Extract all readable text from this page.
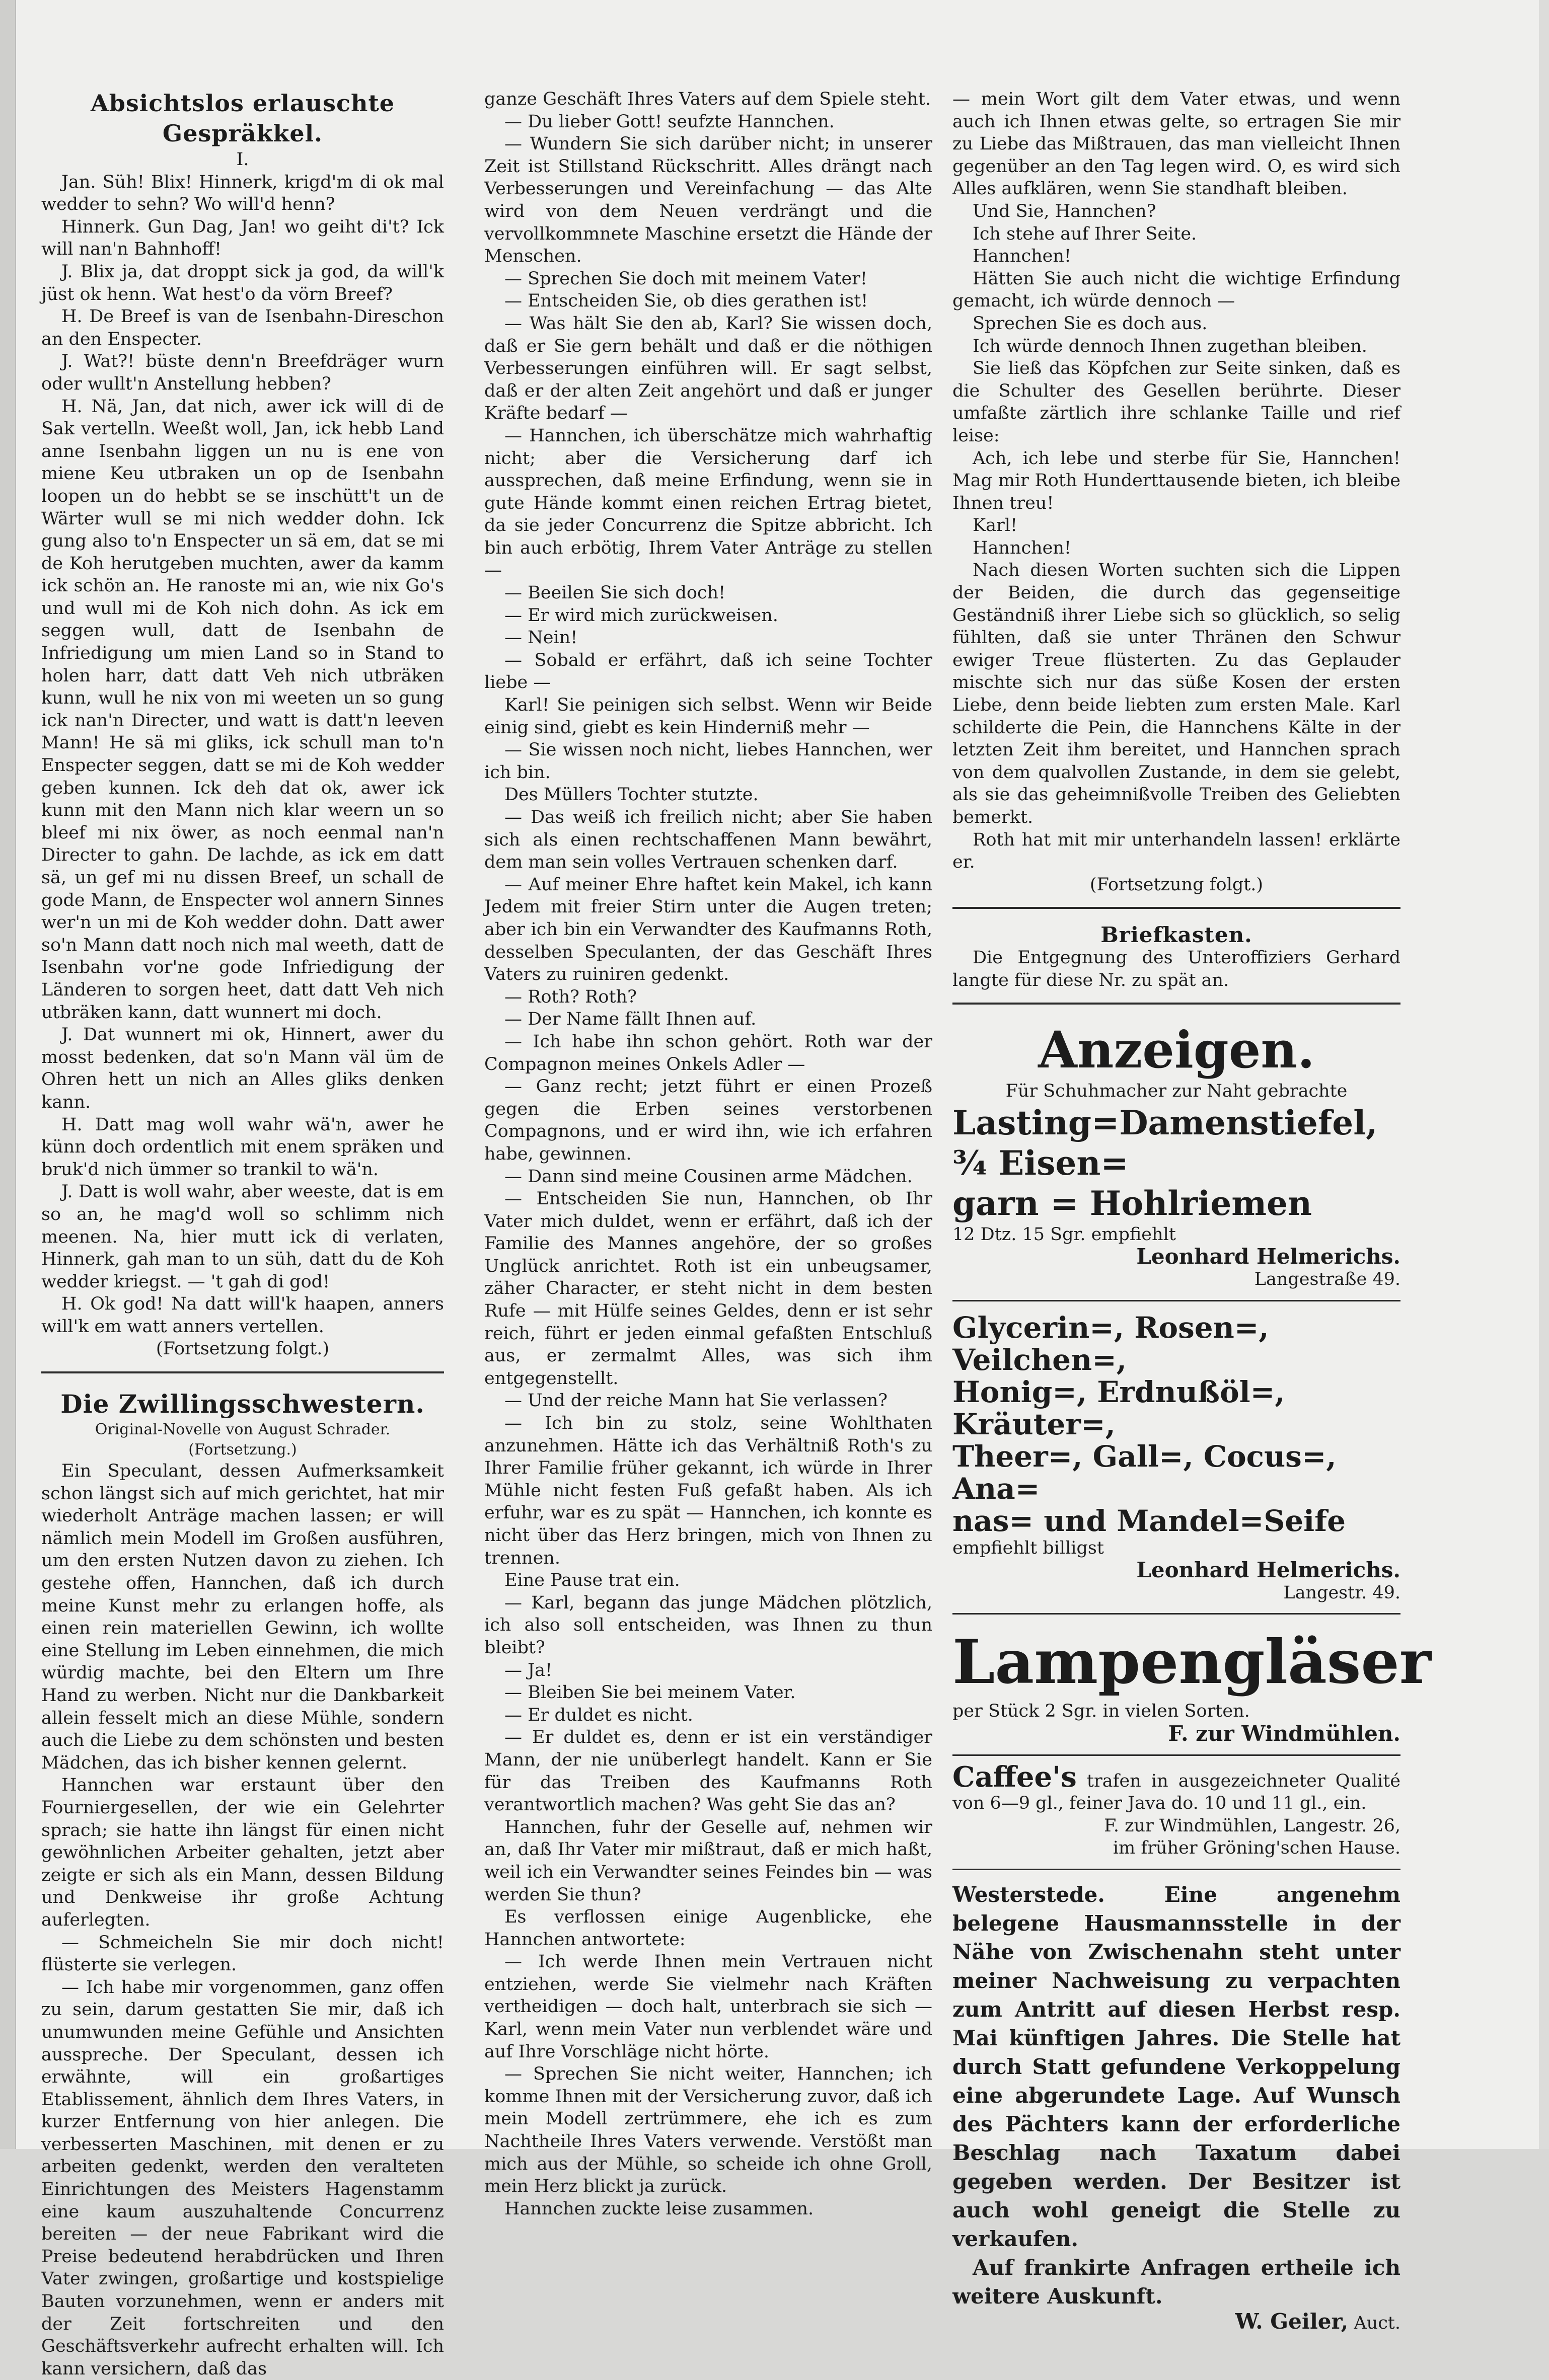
Absichtslos erlauschte Gespräkkel.

I.

Jan. Süh! Blix! Hinnerk, krigd'm di ok mal wedder to sehn? Wo will'd henn?

Hinnerk. Gun Dag, Jan! wo geiht di't? Ick will nan'n Bahnhoff!

J. Blix ja, dat droppt sick ja god, da will'k jüst ok henn. Wat hest'o da vörn Breef?

H. De Breef is van de Isenbahn-Direschon an den Enspecter.

J. Wat?! büste denn'n Breefdräger wurn oder wullt'n Anstellung hebben?

H. Nä, Jan, dat nich, awer ick will di de Sak vertelln. Weeßt woll, Jan, ick hebb Land anne Isenbahn liggen un nu is ene von miene Keu utbraken un op de Isenbahn loopen un do hebbt se se inschütt't un de Wärter wull se mi nich wedder dohn. Ick gung also to'n Enspecter un sä em, dat se mi de Koh herutgeben muchten, awer da kamm ick schön an. He ranoste mi an, wie nix Go's und wull mi de Koh nich dohn. As ick em seggen wull, datt de Isenbahn de Infriedigung um mien Land so in Stand to holen harr, datt datt Veh nich utbräken kunn, wull he nix von mi weeten un so gung ick nan'n Directer, und watt is datt'n leeven Mann! He sä mi gliks, ick schull man to'n Enspecter seggen, datt se mi de Koh wedder geben kunnen. Ick deh dat ok, awer ick kunn mit den Mann nich klar weern un so bleef mi nix öwer, as noch eenmal nan'n Directer to gahn. De lachde, as ick em datt sä, un gef mi nu dissen Breef, un schall de gode Mann, de Enspecter wol annern Sinnes wer'n un mi de Koh wedder dohn. Datt awer so'n Mann datt noch nich mal weeth, datt de Isenbahn vor'ne gode Infriedigung der Länderen to sorgen heet, datt datt Veh nich utbräken kann, datt wunnert mi doch.

J. Dat wunnert mi ok, Hinnert, awer du mosst bedenken, dat so'n Mann väl üm de Ohren hett un nich an Alles gliks denken kann.

H. Datt mag woll wahr wä'n, awer he künn doch ordentlich mit enem spräken und bruk'd nich ümmer so trankil to wä'n.

J. Datt is woll wahr, aber weeste, dat is em so an, he mag'd woll so schlimm nich meenen. Na, hier mutt ick di verlaten, Hinnerk, gah man to un süh, datt du de Koh wedder kriegst. — 't gah di god!

H. Ok god! Na datt will'k haapen, anners will'k em watt anners vertellen.

(Fortsetzung folgt.)

Die Zwillingsschwestern.

Original-Novelle von August Schrader.

(Fortsetzung.)

Ein Speculant, dessen Aufmerksamkeit schon längst sich auf mich gerichtet, hat mir wiederholt Anträge machen lassen; er will nämlich mein Modell im Großen ausführen, um den ersten Nutzen davon zu ziehen. Ich gestehe offen, Hannchen, daß ich durch meine Kunst mehr zu erlangen hoffe, als einen rein materiellen Gewinn, ich wollte eine Stellung im Leben einnehmen, die mich würdig machte, bei den Eltern um Ihre Hand zu werben. Nicht nur die Dankbarkeit allein fesselt mich an diese Mühle, sondern auch die Liebe zu dem schönsten und besten Mädchen, das ich bisher kennen gelernt.

Hannchen war erstaunt über den Fourniergesellen, der wie ein Gelehrter sprach; sie hatte ihn längst für einen nicht gewöhnlichen Arbeiter gehalten, jetzt aber zeigte er sich als ein Mann, dessen Bildung und Denkweise ihr große Achtung auferlegten.

— Schmeicheln Sie mir doch nicht! flüsterte sie verlegen.

— Ich habe mir vorgenommen, ganz offen zu sein, darum gestatten Sie mir, daß ich unumwunden meine Gefühle und Ansichten ausspreche. Der Speculant, dessen ich erwähnte, will ein großartiges Etablissement, ähnlich dem Ihres Vaters, in kurzer Entfernung von hier anlegen. Die verbesserten Maschinen, mit denen er zu arbeiten gedenkt, werden den veralteten Einrichtungen des Meisters Hagenstamm eine kaum auszuhaltende Concurrenz bereiten — der neue Fabrikant wird die Preise bedeutend herabdrücken und Ihren Vater zwingen, großartige und kostspielige Bauten vorzunehmen, wenn er anders mit der Zeit fortschreiten und den Geschäftsverkehr aufrecht erhalten will. Ich kann versichern, daß das

ganze Geschäft Ihres Vaters auf dem Spiele steht.

— Du lieber Gott! seufzte Hannchen.

— Wundern Sie sich darüber nicht; in unserer Zeit ist Stillstand Rückschritt. Alles drängt nach Verbesserungen und Vereinfachung — das Alte wird von dem Neuen verdrängt und die vervollkommnete Maschine ersetzt die Hände der Menschen.

— Sprechen Sie doch mit meinem Vater!

— Entscheiden Sie, ob dies gerathen ist!

— Was hält Sie den ab, Karl? Sie wissen doch, daß er Sie gern behält und daß er die nöthigen Verbesserungen einführen will. Er sagt selbst, daß er der alten Zeit angehört und daß er junger Kräfte bedarf —

— Hannchen, ich überschätze mich wahrhaftig nicht; aber die Versicherung darf ich aussprechen, daß meine Erfindung, wenn sie in gute Hände kommt einen reichen Ertrag bietet, da sie jeder Concurrenz die Spitze abbricht. Ich bin auch erbötig, Ihrem Vater Anträge zu stellen —

— Beeilen Sie sich doch!

— Er wird mich zurückweisen.

— Nein!

— Sobald er erfährt, daß ich seine Tochter liebe —

Karl! Sie peinigen sich selbst. Wenn wir Beide einig sind, giebt es kein Hinderniß mehr —

— Sie wissen noch nicht, liebes Hannchen, wer ich bin.

Des Müllers Tochter stutzte.

— Das weiß ich freilich nicht; aber Sie haben sich als einen rechtschaffenen Mann bewährt, dem man sein volles Vertrauen schenken darf.

— Auf meiner Ehre haftet kein Makel, ich kann Jedem mit freier Stirn unter die Augen treten; aber ich bin ein Verwandter des Kaufmanns Roth, desselben Speculanten, der das Geschäft Ihres Vaters zu ruiniren gedenkt.

— Roth? Roth?

— Der Name fällt Ihnen auf.

— Ich habe ihn schon gehört. Roth war der Compagnon meines Onkels Adler —

— Ganz recht; jetzt führt er einen Prozeß gegen die Erben seines verstorbenen Compagnons, und er wird ihn, wie ich erfahren habe, gewinnen.

— Dann sind meine Cousinen arme Mädchen.

— Entscheiden Sie nun, Hannchen, ob Ihr Vater mich duldet, wenn er erfährt, daß ich der Familie des Mannes angehöre, der so großes Unglück anrichtet. Roth ist ein unbeugsamer, zäher Character, er steht nicht in dem besten Rufe — mit Hülfe seines Geldes, denn er ist sehr reich, führt er jeden einmal gefaßten Entschluß aus, er zermalmt Alles, was sich ihm entgegenstellt.

— Und der reiche Mann hat Sie verlassen?

— Ich bin zu stolz, seine Wohlthaten anzunehmen. Hätte ich das Verhältniß Roth's zu Ihrer Familie früher gekannt, ich würde in Ihrer Mühle nicht festen Fuß gefaßt haben. Als ich erfuhr, war es zu spät — Hannchen, ich konnte es nicht über das Herz bringen, mich von Ihnen zu trennen.

Eine Pause trat ein.

— Karl, begann das junge Mädchen plötzlich, ich also soll entscheiden, was Ihnen zu thun bleibt?

— Ja!

— Bleiben Sie bei meinem Vater.

— Er duldet es nicht.

— Er duldet es, denn er ist ein verständiger Mann, der nie unüberlegt handelt. Kann er Sie für das Treiben des Kaufmanns Roth verantwortlich machen? Was geht Sie das an?

Hannchen, fuhr der Geselle auf, nehmen wir an, daß Ihr Vater mir mißtraut, daß er mich haßt, weil ich ein Verwandter seines Feindes bin — was werden Sie thun?

Es verflossen einige Augenblicke, ehe Hannchen antwortete:

— Ich werde Ihnen mein Vertrauen nicht entziehen, werde Sie vielmehr nach Kräften vertheidigen — doch halt, unterbrach sie sich — Karl, wenn mein Vater nun verblendet wäre und auf Ihre Vorschläge nicht hörte.

— Sprechen Sie nicht weiter, Hannchen; ich komme Ihnen mit der Versicherung zuvor, daß ich mein Modell zertrümmere, ehe ich es zum Nachtheile Ihres Vaters verwende. Verstößt man mich aus der Mühle, so scheide ich ohne Groll, mein Herz blickt ja zurück.

Hannchen zuckte leise zusammen.

— mein Wort gilt dem Vater etwas, und wenn auch ich Ihnen etwas gelte, so ertragen Sie mir zu Liebe das Mißtrauen, das man vielleicht Ihnen gegenüber an den Tag legen wird. O, es wird sich Alles aufklären, wenn Sie standhaft bleiben.

Und Sie, Hannchen?

Ich stehe auf Ihrer Seite.

Hannchen!

Hätten Sie auch nicht die wichtige Erfindung gemacht, ich würde dennoch —

Sprechen Sie es doch aus.

Ich würde dennoch Ihnen zugethan bleiben.

Sie ließ das Köpfchen zur Seite sinken, daß es die Schulter des Gesellen berührte. Dieser umfaßte zärtlich ihre schlanke Taille und rief leise:

Ach, ich lebe und sterbe für Sie, Hannchen! Mag mir Roth Hunderttausende bieten, ich bleibe Ihnen treu!

Karl!

Hannchen!

Nach diesen Worten suchten sich die Lippen der Beiden, die durch das gegenseitige Geständniß ihrer Liebe sich so glücklich, so selig fühlten, daß sie unter Thränen den Schwur ewiger Treue flüsterten. Zu das Geplauder mischte sich nur das süße Kosen der ersten Liebe, denn beide liebten zum ersten Male. Karl schilderte die Pein, die Hannchens Kälte in der letzten Zeit ihm bereitet, und Hannchen sprach von dem qualvollen Zustande, in dem sie gelebt, als sie das geheimnißvolle Treiben des Geliebten bemerkt.

Roth hat mit mir unterhandeln lassen! erklärte er.

(Fortsetzung folgt.)

Briefkasten.

Die Entgegnung des Unteroffiziers Gerhard langte für diese Nr. zu spät an.

Anzeigen.

Für Schuhmacher zur Naht gebrachte

Lasting=Damenstiefel, ¾ Eisen=

garn = Hohlriemen

12 Dtz. 15 Sgr. empfiehlt

Leonhard Helmerichs.

Langestraße 49.

Glycerin=, Rosen=, Veilchen=,

Honig=, Erdnußöl=, Kräuter=,

Theer=, Gall=, Cocus=, Ana=

nas= und Mandel=Seife

empfiehlt billigst

Leonhard Helmerichs.

Langestr. 49.

Lampengläser

per Stück 2 Sgr. in vielen Sorten.

F. zur Windmühlen.

Caffee's trafen in ausgezeichneter Qualité von 6—9 gl., feiner Java do. 10 und 11 gl., ein.

F. zur Windmühlen, Langestr. 26,

im früher Gröning'schen Hause.

Westerstede. Eine angenehm belegene Hausmannsstelle in der Nähe von Zwischenahn steht unter meiner Nachweisung zu verpachten zum Antritt auf diesen Herbst resp. Mai künftigen Jahres. Die Stelle hat durch Statt gefundene Verkoppelung eine abgerundete Lage. Auf Wunsch des Pächters kann der erforderliche Beschlag nach Taxatum dabei gegeben werden. Der Besitzer ist auch wohl geneigt die Stelle zu verkaufen.

Auf frankirte Anfragen ertheile ich weitere Auskunft.

W. Geiler, Auct.
